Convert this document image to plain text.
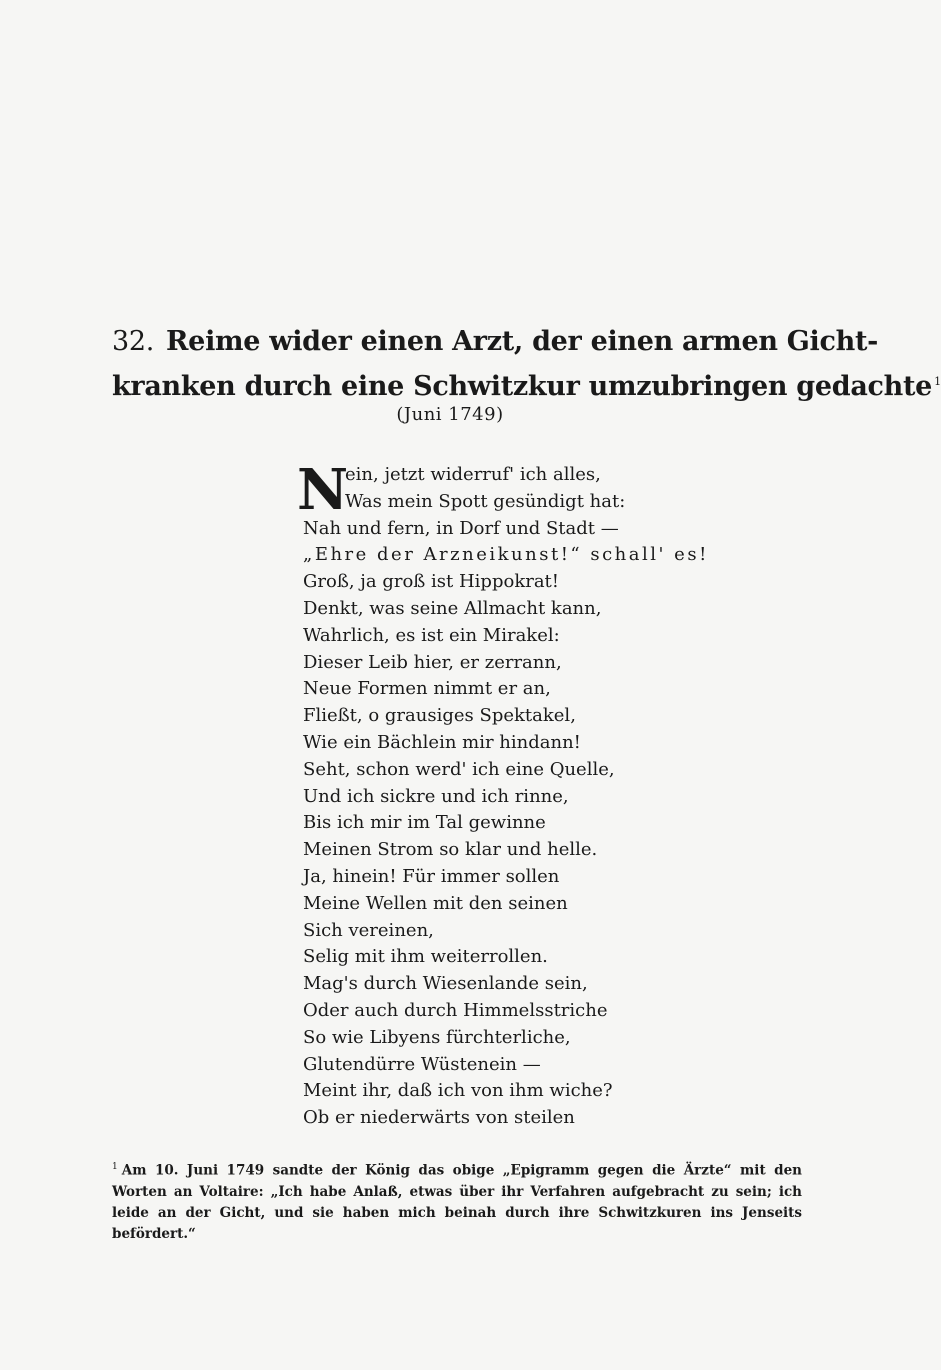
32. Reime wider einen Arzt, der einen armen Gicht-
kranken durch eine Schwitzkur umzubringen gedachte $^1$
(Juni 1749)
N
ein, jetzt widerruf' ich alles,
Was mein Spott gesündigt hat:
Nah und fern, in Dorf und Stadt —
„Ehre der Arzneikunst!“ schall' es!
Groß, ja groß ist Hippokrat!
Denkt, was seine Allmacht kann,
Wahrlich, es ist ein Mirakel:
Dieser Leib hier, er zerrann,
Neue Formen nimmt er an,
Fließt, o grausiges Spektakel,
Wie ein Bächlein mir hindann!
Seht, schon werd' ich eine Quelle,
Und ich sickre und ich rinne,
Bis ich mir im Tal gewinne
Meinen Strom so klar und helle.
Ja, hinein! Für immer sollen
Meine Wellen mit den seinen
Sich vereinen,
Selig mit ihm weiterrollen.
Mag's durch Wiesenlande sein,
Oder auch durch Himmelsstriche
So wie Libyens fürchterliche,
Glutendürre Wüstenein —
Meint ihr, daß ich von ihm wiche?
Ob er niederwärts von steilen
$^1$ Am 10. Juni 1749 sandte der König das obige „Epigramm gegen die Ärzte“ mit den Worten an Voltaire: „Ich habe Anlaß, etwas über ihr Verfahren aufgebracht zu sein; ich leide an der Gicht, und sie haben mich beinah durch ihre Schwitzkuren ins Jenseits befördert.“
